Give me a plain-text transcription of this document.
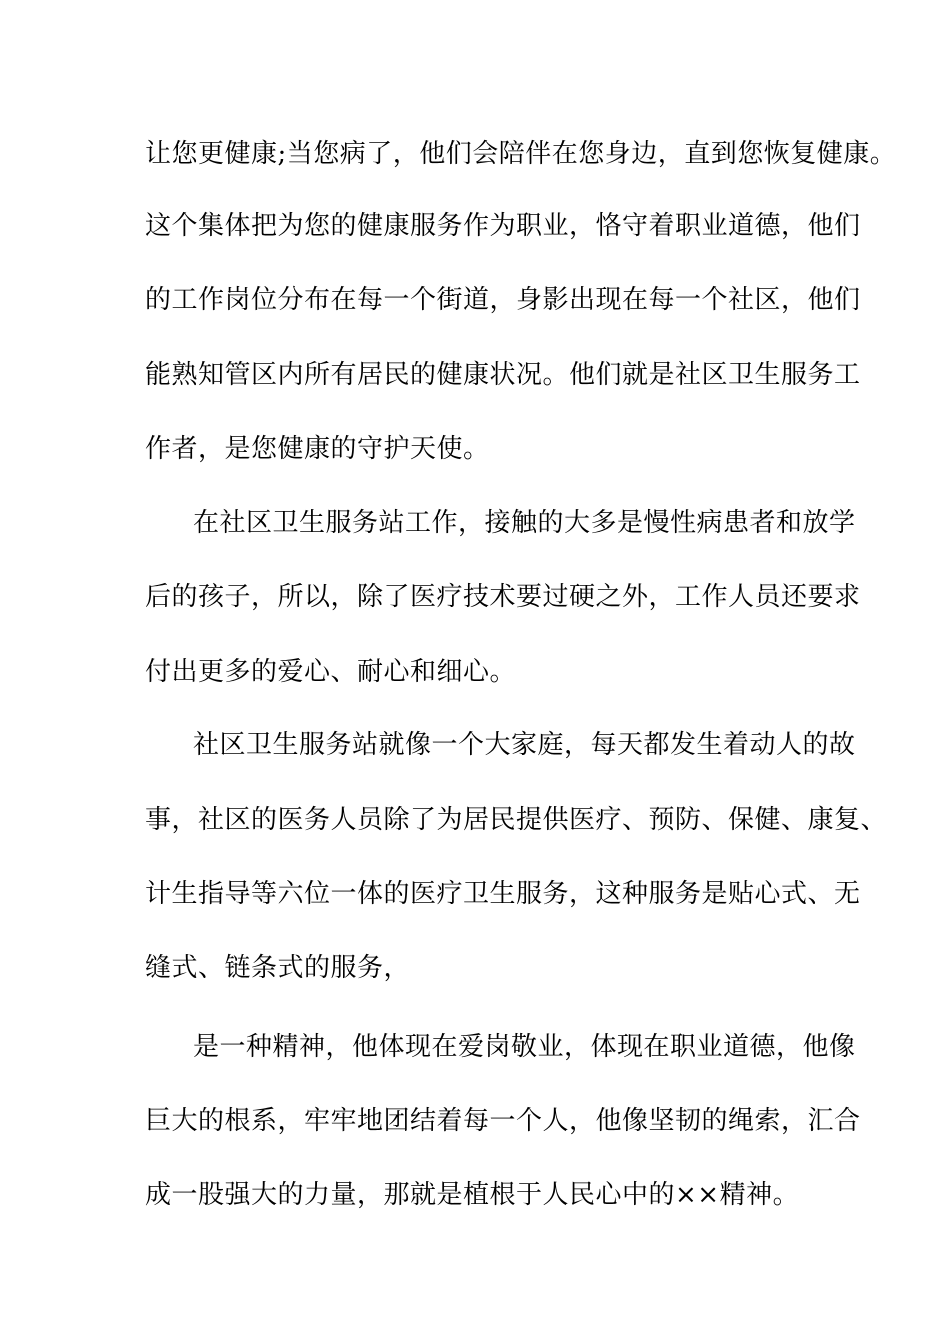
让您更健康;当您病了，他们会陪伴在您身边，直到您恢复健康。
这个集体把为您的健康服务作为职业，恪守着职业道德，他们
的工作岗位分布在每一个街道，身影出现在每一个社区，他们
能熟知管区内所有居民的健康状况。他们就是社区卫生服务工
作者，是您健康的守护天使。
在社区卫生服务站工作，接触的大多是慢性病患者和放学
后的孩子，所以，除了医疗技术要过硬之外，工作人员还要求
付出更多的爱心、耐心和细心。
社区卫生服务站就像一个大家庭，每天都发生着动人的故
事，社区的医务人员除了为居民提供医疗、预防、保健、康复、
计生指导等六位一体的医疗卫生服务，这种服务是贴心式、无
缝式、链条式的服务，
是一种精神，他体现在爱岗敬业，体现在职业道德，他像
巨大的根系，牢牢地团结着每一个人，他像坚韧的绳索，汇合
成一股强大的力量，那就是植根于人民心中的××精神。
